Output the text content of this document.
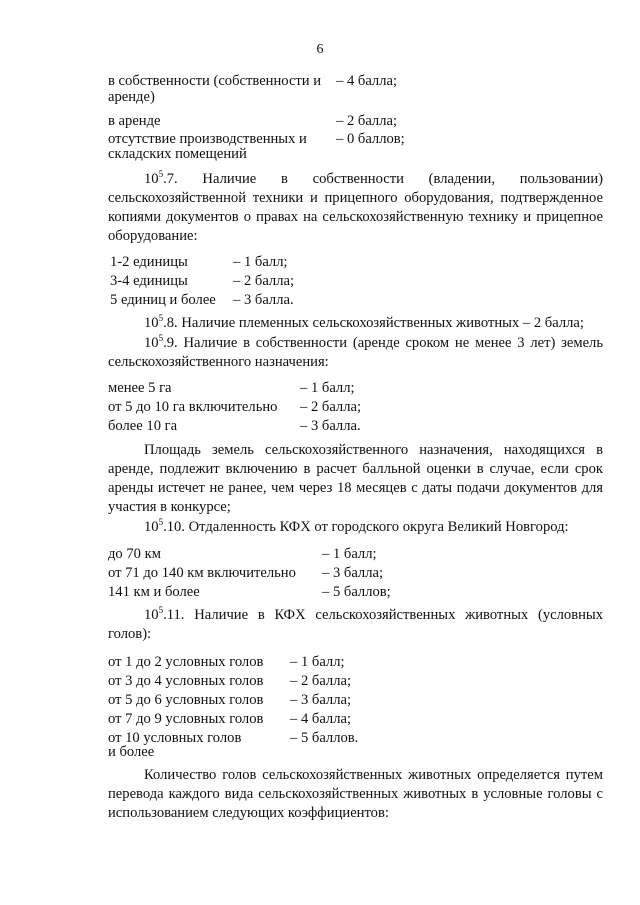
6
в собственности (собственности и
аренде)
– 4 балла;
в аренде	– 2 балла;
отсутствие производственных и
складских помещений
– 0 баллов;
$10^5.7$. Наличие в собственности (владении, пользовании) сельскохозяйственной техники и прицепного оборудования, подтвержденное копиями документов о правах на сельскохозяйственную технику и прицепное оборудование:
1-2 единицы	– 1 балл;
3-4 единицы	– 2 балла;
5 единиц и более – 3 балла.
$10^5.8$. Наличие племенных сельскохозяйственных животных – 2 балла;
$10^5.9$. Наличие в собственности (аренде сроком не менее 3 лет) земель сельскохозяйственного назначения:
менее 5 га	– 1 балл;
от 5 до 10 га включительно – 2 балла;
более 10 га	– 3 балла.
Площадь земель сельскохозяйственного назначения, находящихся в аренде, подлежит включению в расчет балльной оценки в случае, если срок аренды истечет не ранее, чем через 18 месяцев с даты подачи документов для участия в конкурсе;
$10^5.10$. Отдаленность КФХ от городского округа Великий Новгород:
до 70 км	– 1 балл;
от 71 до 140 км включительно – 3 балла;
141 км и более	– 5 баллов;
$10^5.11$. Наличие в КФХ сельскохозяйственных животных (условных голов):
от 1 до 2 условных голов – 1 балл;
от 3 до 4 условных голов – 2 балла;
от 5 до 6 условных голов – 3 балла;
от 7 до 9 условных голов – 4 балла;
от 10 условных голов
и более
– 5 баллов.
Количество голов сельскохозяйственных животных определяется путем перевода каждого вида сельскохозяйственных животных в условные головы с использованием следующих коэффициентов:
